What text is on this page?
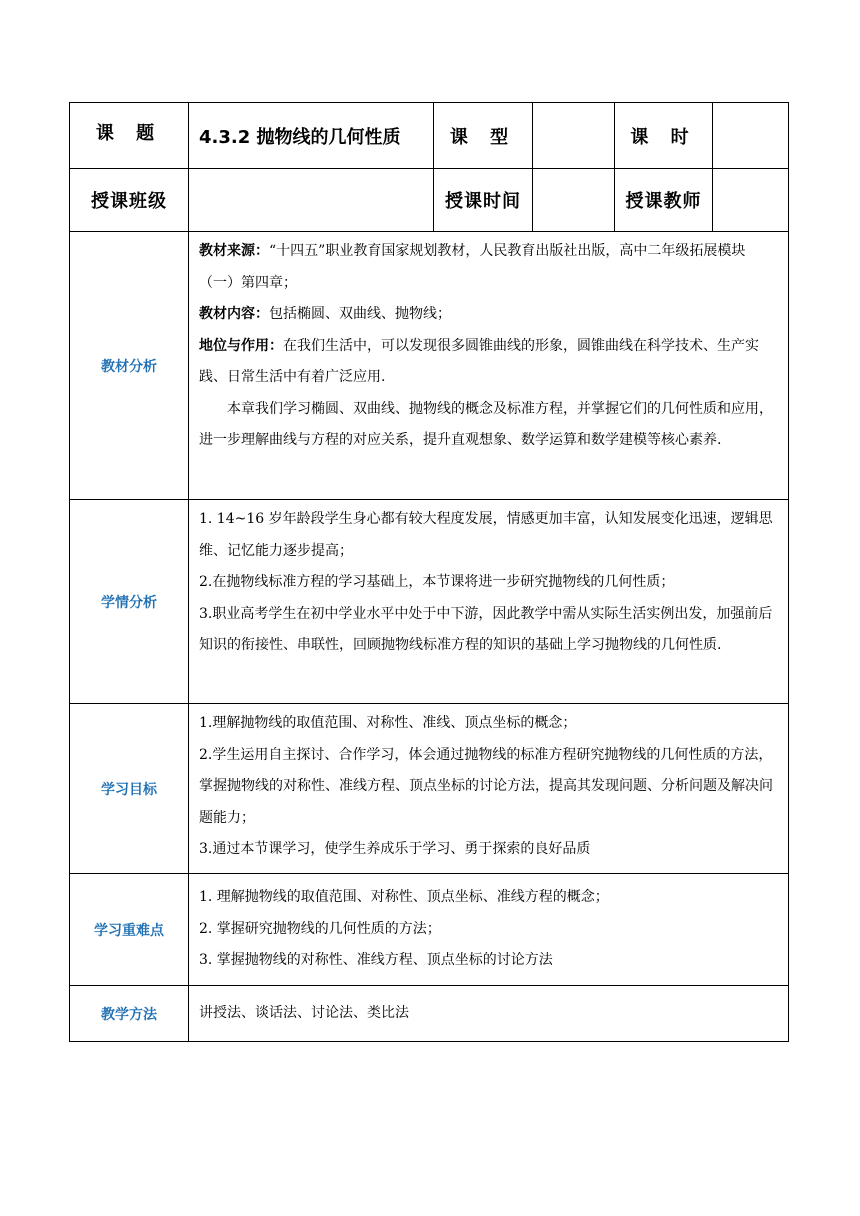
课 题	4.3.2 抛物线的几何性质	课 型		课 时	
授课班级		授课时间		授课教师	
教材分析	教材来源：“十四五”职业教育国家规划教材，人民教育出版社出版，高中二年级拓展模块（一）第四章；

教材内容：包括椭圆、双曲线、抛物线；

地位与作用：在我们生活中，可以发现很多圆锥曲线的形象，圆锥曲线在科学技术、生产实践、日常生活中有着广泛应用.

本章我们学习椭圆、双曲线、抛物线的概念及标准方程，并掌握它们的几何性质和应用，进一步理解曲线与方程的对应关系，提升直观想象、数学运算和数学建模等核心素养.				

学情分析	1. 14~16 岁年龄段学生身心都有较大程度发展，情感更加丰富，认知发展变化迅速，逻辑思维、记忆能力逐步提高；

2.在抛物线标准方程的学习基础上，本节课将进一步研究抛物线的几何性质；

3.职业高考学生在初中学业水平中处于中下游，因此教学中需从实际生活实例出发，加强前后知识的衔接性、串联性，回顾抛物线标准方程的知识的基础上学习抛物线的几何性质.				

学习目标	1.理解抛物线的取值范围、对称性、准线、顶点坐标的概念；

2.学生运用自主探讨、合作学习，体会通过抛物线的标准方程研究抛物线的几何性质的方法，掌握抛物线的对称性、准线方程、顶点坐标的讨论方法，提高其发现问题、分析问题及解决问题能力；

3.通过本节课学习，使学生养成乐于学习、勇于探索的良好品质				

学习重难点	1. 理解抛物线的取值范围、对称性、顶点坐标、准线方程的概念；

2. 掌握研究抛物线的几何性质的方法；

3. 掌握抛物线的对称性、准线方程、顶点坐标的讨论方法				

教学方法	讲授法、谈话法、讨论法、类比法				
